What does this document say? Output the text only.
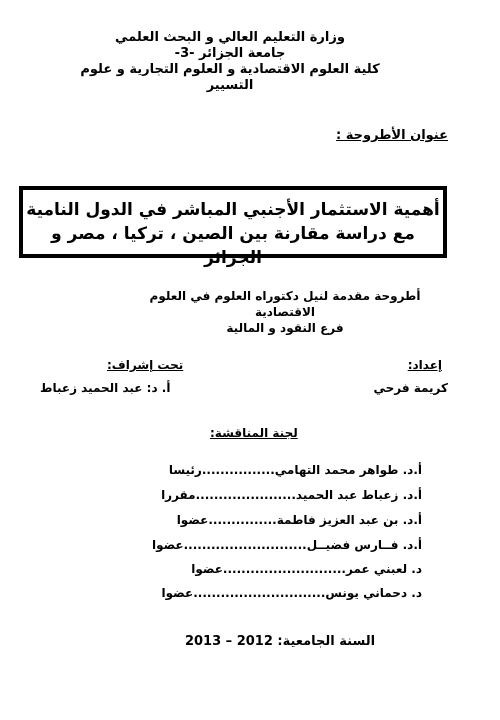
وزارة التعليم العالي و البحث العلمي
جامعة الجزائر -3-
كلية العلوم الاقتصادية و العلوم التجارية و علوم التسيير
عنوان الأطروحة :
أهمية الاستثمار الأجنبي المباشر في الدول النامية
مع دراسة مقارنة بين الصين ، تركيا ، مصر و الجزائر
أطروحة مقدمة لنيل دكتوراه العلوم في العلوم الاقتصادية
فرع النقود و المالية
إعداد:
كريمة فرحي
تحت إشراف:
أ. د: عبد الحميد زعباط
لجنة المناقشة:
أ.د. طواهر محمد التهامي................رئيسا
أ.د. زعباط عبد الحميد......................مقررا
أ.د. بن عبد العزيز فاطمة...............عضوا
أ.د. فــارس فضيــل...........................عضوا
د. لعبني عمر...........................عضوا
د. دحماني يونس.............................عضوا
السنة الجامعية: 2012 – 2013
